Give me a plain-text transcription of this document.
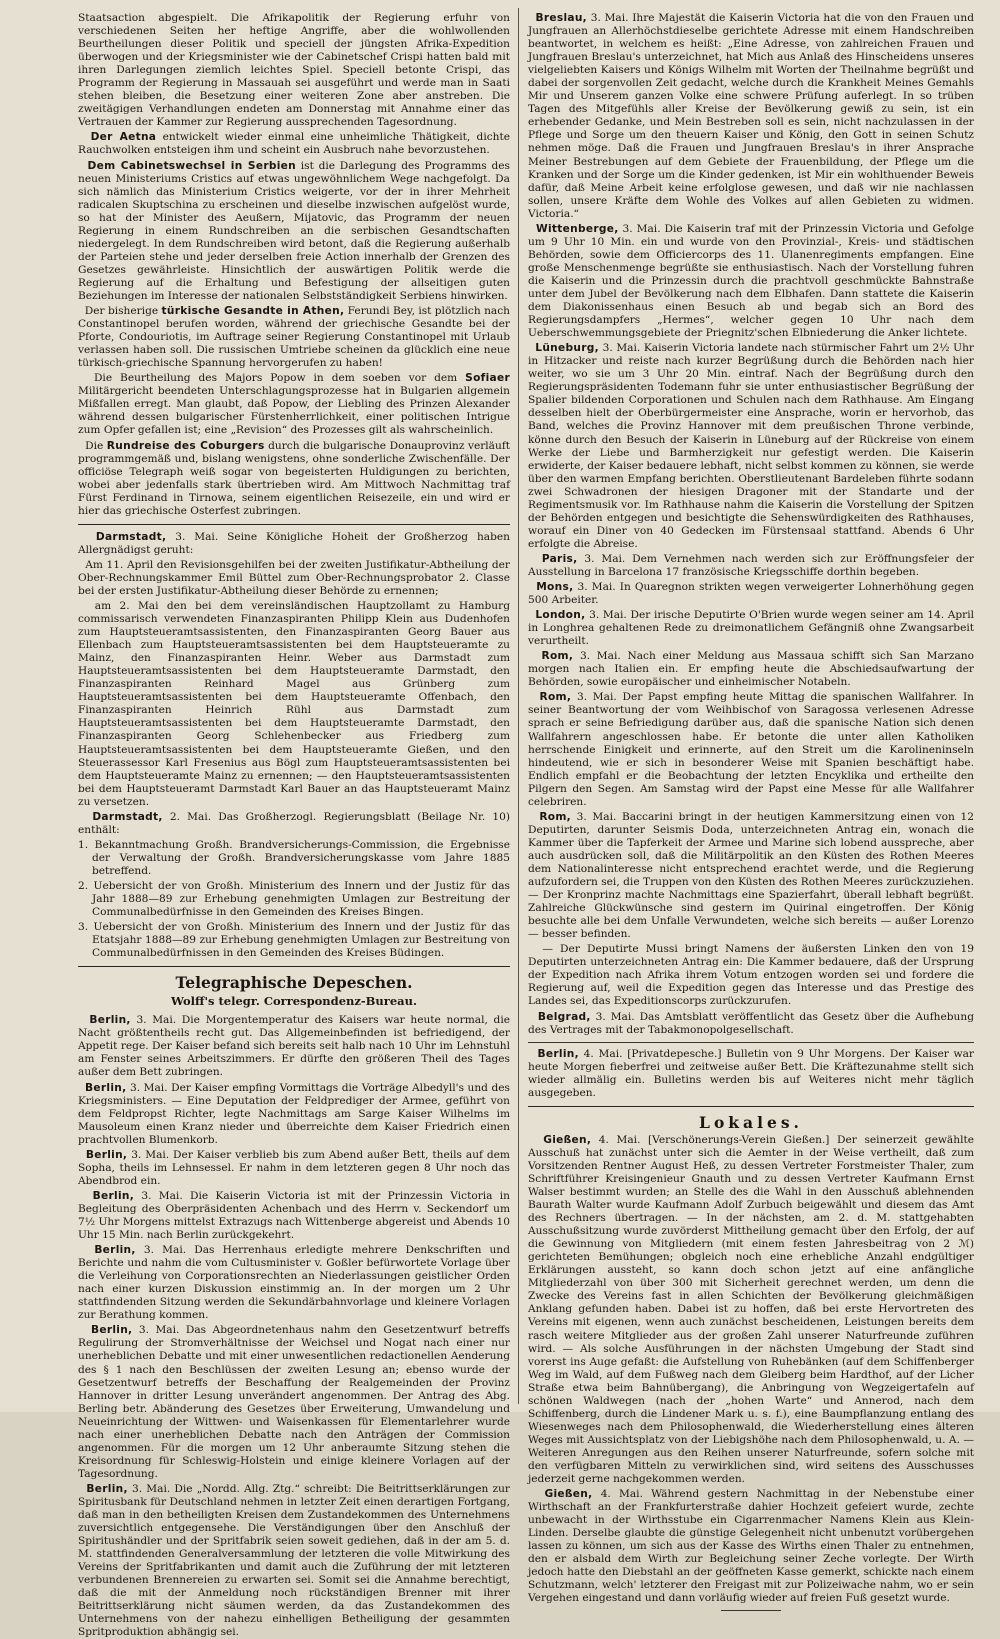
Staatsaction abgespielt. Die Afrikapolitik der Regierung erfuhr von verschiedenen Seiten her heftige Angriffe, aber die wohlwollenden Beurtheilungen dieser Politik und speciell der jüngsten Afrika-Expedition überwogen und der Kriegsminister wie der Cabinetschef Crispi hatten bald mit ihren Darlegungen ziemlich leichtes Spiel. Speciell betonte Crispi, das Programm der Regierung in Massauah sei ausgeführt und werde man in Saati stehen bleiben, die Besetzung einer weiteren Zone aber anstreben. Die zweitägigen Verhandlungen endeten am Donnerstag mit Annahme einer das Vertrauen der Kammer zur Regierung aussprechenden Tagesordnung.

Der Aetna entwickelt wieder einmal eine unheimliche Thätigkeit, dichte Rauchwolken entsteigen ihm und scheint ein Ausbruch nahe bevorzustehen.

Dem Cabinetswechsel in Serbien ist die Darlegung des Programms des neuen Ministeriums Cristics auf etwas ungewöhnlichem Wege nachgefolgt. Da sich nämlich das Ministerium Cristics weigerte, vor der in ihrer Mehrheit radicalen Skuptschina zu erscheinen und dieselbe inzwischen aufgelöst wurde, so hat der Minister des Aeußern, Mijatovic, das Programm der neuen Regierung in einem Rundschreiben an die serbischen Gesandtschaften niedergelegt. In dem Rundschreiben wird betont, daß die Regierung außerhalb der Parteien stehe und jeder derselben freie Action innerhalb der Grenzen des Gesetzes gewährleiste. Hinsichtlich der auswärtigen Politik werde die Regierung auf die Erhaltung und Befestigung der allseitigen guten Beziehungen im Interesse der nationalen Selbstständigkeit Serbiens hinwirken.

Der bisherige türkische Gesandte in Athen, Ferundi Bey, ist plötzlich nach Constantinopel berufen worden, während der griechische Gesandte bei der Pforte, Condouriotis, im Auftrage seiner Regierung Constantinopel mit Urlaub verlassen haben soll. Die russischen Umtriebe scheinen da glücklich eine neue türkisch-griechische Spannung hervorgerufen zu haben!

Die Beurtheilung des Majors Popow in dem soeben vor dem Sofiaer Militärgericht beendeten Unterschlagungsprozesse hat in Bulgarien allgemein Mißfallen erregt. Man glaubt, daß Popow, der Liebling des Prinzen Alexander während dessen bulgarischer Fürstenherrlichkeit, einer politischen Intrigue zum Opfer gefallen ist; eine „Revision“ des Prozesses gilt als wahrscheinlich.

Die Rundreise des Coburgers durch die bulgarische Donauprovinz verläuft programmgemäß und, bislang wenigstens, ohne sonderliche Zwischenfälle. Der officiöse Telegraph weiß sogar von begeisterten Huldigungen zu berichten, wobei aber jedenfalls stark übertrieben wird. Am Mittwoch Nachmittag traf Fürst Ferdinand in Tirnowa, seinem eigentlichen Reisezeile, ein und wird er hier das griechische Osterfest zubringen.

Darmstadt, 3. Mai. Seine Königliche Hoheit der Großherzog haben Allergnädigst geruht:

Am 11. April den Revisionsgehilfen bei der zweiten Justifikatur-Abtheilung der Ober-Rechnungskammer Emil Büttel zum Ober-Rechnungsprobator 2. Classe bei der ersten Justifikatur-Abtheilung dieser Behörde zu ernennen;

am 2. Mai den bei dem vereinsländischen Hauptzollamt zu Hamburg commissarisch verwendeten Finanzaspiranten Philipp Klein aus Dudenhofen zum Hauptsteueramtsassistenten, den Finanzaspiranten Georg Bauer aus Ellenbach zum Hauptsteueramtsassistenten bei dem Hauptsteueramte zu Mainz, den Finanzaspiranten Heinr. Weber aus Darmstadt zum Hauptsteueramtsassistenten bei dem Hauptsteueramte Darmstadt, den Finanzaspiranten Reinhard Magel aus Grünberg zum Hauptsteueramtsassistenten bei dem Hauptsteueramte Offenbach, den Finanzaspiranten Heinrich Rühl aus Darmstadt zum Hauptsteueramtsassistenten bei dem Hauptsteueramte Darmstadt, den Finanzaspiranten Georg Schlehenbecker aus Friedberg zum Hauptsteueramtsassistenten bei dem Hauptsteueramte Gießen, und den Steuerassessor Karl Fresenius aus Bögl zum Hauptsteueramtsassistenten bei dem Hauptsteueramte Mainz zu ernennen; — den Hauptsteueramtsassistenten bei dem Hauptsteueramt Darmstadt Karl Bauer an das Hauptsteueramt Mainz zu versetzen.

Darmstadt, 2. Mai. Das Großherzogl. Regierungsblatt (Beilage Nr. 10) enthält:

1. Bekanntmachung Großh. Brandversicherungs-Commission, die Ergebnisse der Verwaltung der Großh. Brandversicherungskasse vom Jahre 1885 betreffend.

2. Uebersicht der von Großh. Ministerium des Innern und der Justiz für das Jahr 1888—89 zur Erhebung genehmigten Umlagen zur Bestreitung der Communalbedürfnisse in den Gemeinden des Kreises Bingen.

3. Uebersicht der von Großh. Ministerium des Innern und der Justiz für das Etatsjahr 1888—89 zur Erhebung genehmigten Umlagen zur Bestreitung von Communalbedürfnissen in den Gemeinden des Kreises Büdingen.

Telegraphische Depeschen.
Wolff's telegr. Correspondenz-Bureau.

Berlin, 3. Mai. Die Morgentemperatur des Kaisers war heute normal, die Nacht größtentheils recht gut. Das Allgemeinbefinden ist befriedigend, der Appetit rege. Der Kaiser befand sich bereits seit halb nach 10 Uhr im Lehnstuhl am Fenster seines Arbeitszimmers. Er dürfte den größeren Theil des Tages außer dem Bett zubringen.

Berlin, 3. Mai. Der Kaiser empfing Vormittags die Vorträge Albedyll's und des Kriegsministers. — Eine Deputation der Feldprediger der Armee, geführt von dem Feldpropst Richter, legte Nachmittags am Sarge Kaiser Wilhelms im Mausoleum einen Kranz nieder und überreichte dem Kaiser Friedrich einen prachtvollen Blumenkorb.

Berlin, 3. Mai. Der Kaiser verblieb bis zum Abend außer Bett, theils auf dem Sopha, theils im Lehnsessel. Er nahm in dem letzteren gegen 8 Uhr noch das Abendbrod ein.

Berlin, 3. Mai. Die Kaiserin Victoria ist mit der Prinzessin Victoria in Begleitung des Oberpräsidenten Achenbach und des Herrn v. Seckendorf um 7½ Uhr Morgens mittelst Extrazugs nach Wittenberge abgereist und Abends 10 Uhr 15 Min. nach Berlin zurückgekehrt.

Berlin, 3. Mai. Das Herrenhaus erledigte mehrere Denkschriften und Berichte und nahm die vom Cultusminister v. Goßler befürwortete Vorlage über die Verleihung von Corporationsrechten an Niederlassungen geistlicher Orden nach einer kurzen Diskussion einstimmig an. In der morgen um 2 Uhr stattfindenden Sitzung werden die Sekundärbahnvorlage und kleinere Vorlagen zur Berathung kommen.

Berlin, 3. Mai. Das Abgeordnetenhaus nahm den Gesetzentwurf betreffs Regulirung der Stromverhältnisse der Weichsel und Nogat nach einer nur unerheblichen Debatte und mit einer unwesentlichen redactionellen Aenderung des § 1 nach den Beschlüssen der zweiten Lesung an; ebenso wurde der Gesetzentwurf betreffs der Beschaffung der Realgemeinden der Provinz Hannover in dritter Lesung unverändert angenommen. Der Antrag des Abg. Berling betr. Abänderung des Gesetzes über Erweiterung, Umwandelung und Neueinrichtung der Wittwen- und Waisenkassen für Elementarlehrer wurde nach einer unerheblichen Debatte nach den Anträgen der Commission angenommen. Für die morgen um 12 Uhr anberaumte Sitzung stehen die Kreisordnung für Schleswig-Holstein und einige kleinere Vorlagen auf der Tagesordnung.

Berlin, 3. Mai. Die „Nordd. Allg. Ztg.“ schreibt: Die Beitrittserklärungen zur Spiritusbank für Deutschland nehmen in letzter Zeit einen derartigen Fortgang, daß man in den betheiligten Kreisen dem Zustandekommen des Unternehmens zuversichtlich entgegensehe. Die Verständigungen über den Anschluß der Spiritushändler und der Spritfabrik seien soweit gediehen, daß in der am 5. d. M. stattfindenden Generalversammlung der letzteren die volle Mitwirkung des Vereins der Spritfabrikanten und damit auch die Zuführung der mit letzteren verbundenen Brennereien zu erwarten sei. Somit sei die Annahme berechtigt, daß die mit der Anmeldung noch rückständigen Brenner mit ihrer Beitrittserklärung nicht säumen werden, da das Zustandekommen des Unternehmens von der nahezu einhelligen Betheiligung der gesammten Spritproduktion abhängig sei.

Breslau, 3. Mai. Ihre Majestät die Kaiserin Victoria hat die von den Frauen und Jungfrauen an Allerhöchstdieselbe gerichtete Adresse mit einem Handschreiben beantwortet, in welchem es heißt: „Eine Adresse, von zahlreichen Frauen und Jungfrauen Breslau's unterzeichnet, hat Mich aus Anlaß des Hinscheidens unseres vielgeliebten Kaisers und Königs Wilhelm mit Worten der Theilnahme begrüßt und dabei der sorgenvollen Zeit gedacht, welche durch die Krankheit Meines Gemahls Mir und Unserem ganzen Volke eine schwere Prüfung auferlegt. In so trüben Tagen des Mitgefühls aller Kreise der Bevölkerung gewiß zu sein, ist ein erhebender Gedanke, und Mein Bestreben soll es sein, nicht nachzulassen in der Pflege und Sorge um den theuern Kaiser und König, den Gott in seinen Schutz nehmen möge. Daß die Frauen und Jungfrauen Breslau's in ihrer Ansprache Meiner Bestrebungen auf dem Gebiete der Frauenbildung, der Pflege um die Kranken und der Sorge um die Kinder gedenken, ist Mir ein wohlthuender Beweis dafür, daß Meine Arbeit keine erfolglose gewesen, und daß wir nie nachlassen sollen, unsere Kräfte dem Wohle des Volkes auf allen Gebieten zu widmen. Victoria.“

Wittenberge, 3. Mai. Die Kaiserin traf mit der Prinzessin Victoria und Gefolge um 9 Uhr 10 Min. ein und wurde von den Provinzial-, Kreis- und städtischen Behörden, sowie dem Officiercorps des 11. Ulanenregiments empfangen. Eine große Menschenmenge begrüßte sie enthusiastisch. Nach der Vorstellung fuhren die Kaiserin und die Prinzessin durch die prachtvoll geschmückte Bahnstraße unter dem Jubel der Bevölkerung nach dem Elbhafen. Dann stattete die Kaiserin dem Diakonissenhaus einen Besuch ab und begab sich an Bord des Regierungsdampfers „Hermes“, welcher gegen 10 Uhr nach dem Ueberschwemmungsgebiete der Priegnitz'schen Elbniederung die Anker lichtete.

Lüneburg, 3. Mai. Kaiserin Victoria landete nach stürmischer Fahrt um 2½ Uhr in Hitzacker und reiste nach kurzer Begrüßung durch die Behörden nach hier weiter, wo sie um 3 Uhr 20 Min. eintraf. Nach der Begrüßung durch den Regierungspräsidenten Todemann fuhr sie unter enthusiastischer Begrüßung der Spalier bildenden Corporationen und Schulen nach dem Rathhause. Am Eingang desselben hielt der Oberbürgermeister eine Ansprache, worin er hervorhob, das Band, welches die Provinz Hannover mit dem preußischen Throne verbinde, könne durch den Besuch der Kaiserin in Lüneburg auf der Rückreise von einem Werke der Liebe und Barmherzigkeit nur gefestigt werden. Die Kaiserin erwiderte, der Kaiser bedauere lebhaft, nicht selbst kommen zu können, sie werde über den warmen Empfang berichten. Oberstlieutenant Bardeleben führte sodann zwei Schwadronen der hiesigen Dragoner mit der Standarte und der Regimentsmusik vor. Im Rathhause nahm die Kaiserin die Vorstellung der Spitzen der Behörden entgegen und besichtigte die Sehenswürdigkeiten des Rathhauses, worauf ein Diner von 40 Gedecken im Fürstensaal stattfand. Abends 6 Uhr erfolgte die Abreise.

Paris, 3. Mai. Dem Vernehmen nach werden sich zur Eröffnungsfeier der Ausstellung in Barcelona 17 französische Kriegsschiffe dorthin begeben.

Mons, 3. Mai. In Quaregnon strikten wegen verweigerter Lohnerhöhung gegen 500 Arbeiter.

London, 3. Mai. Der irische Deputirte O'Brien wurde wegen seiner am 14. April in Longhrea gehaltenen Rede zu dreimonatlichem Gefängniß ohne Zwangsarbeit verurtheilt.

Rom, 3. Mai. Nach einer Meldung aus Massaua schifft sich San Marzano morgen nach Italien ein. Er empfing heute die Abschiedsaufwartung der Behörden, sowie europäischer und einheimischer Notabeln.

Rom, 3. Mai. Der Papst empfing heute Mittag die spanischen Wallfahrer. In seiner Beantwortung der vom Weihbischof von Saragossa verlesenen Adresse sprach er seine Befriedigung darüber aus, daß die spanische Nation sich denen Wallfahrern angeschlossen habe. Er betonte die unter allen Katholiken herrschende Einigkeit und erinnerte, auf den Streit um die Karolineninseln hindeutend, wie er sich in besonderer Weise mit Spanien beschäftigt habe. Endlich empfahl er die Beobachtung der letzten Encyklika und ertheilte den Pilgern den Segen. Am Samstag wird der Papst eine Messe für alle Wallfahrer celebriren.

Rom, 3. Mai. Baccarini bringt in der heutigen Kammersitzung einen von 12 Deputirten, darunter Seismis Doda, unterzeichneten Antrag ein, wonach die Kammer über die Tapferkeit der Armee und Marine sich lobend ausspreche, aber auch ausdrücken soll, daß die Militärpolitik an den Küsten des Rothen Meeres dem Nationalinteresse nicht entsprechend erachtet werde, und die Regierung aufzufordern sei, die Truppen von den Küsten des Rothen Meeres zurückzuziehen. — Der Kronprinz machte Nachmittags eine Spazierfahrt, überall lebhaft begrüßt. Zahlreiche Glückwünsche sind gestern im Quirinal eingetroffen. Der König besuchte alle bei dem Unfalle Verwundeten, welche sich bereits — außer Lorenzo — besser befinden.

— Der Deputirte Mussi bringt Namens der äußersten Linken den von 19 Deputirten unterzeichneten Antrag ein: Die Kammer bedauere, daß der Ursprung der Expedition nach Afrika ihrem Votum entzogen worden sei und fordere die Regierung auf, weil die Expedition gegen das Interesse und das Prestige des Landes sei, das Expeditionscorps zurückzurufen.

Belgrad, 3. Mai. Das Amtsblatt veröffentlicht das Gesetz über die Aufhebung des Vertrages mit der Tabakmonopolgesellschaft.

Berlin, 4. Mai. [Privatdepesche.] Bulletin von 9 Uhr Morgens. Der Kaiser war heute Morgen fieberfrei und zeitweise außer Bett. Die Kräftezunahme stellt sich wieder allmälig ein. Bulletins werden bis auf Weiteres nicht mehr täglich ausgegeben.

Lokales.

Gießen, 4. Mai. [Verschönerungs-Verein Gießen.] Der seinerzeit gewählte Ausschuß hat zunächst unter sich die Aemter in der Weise vertheilt, daß zum Vorsitzenden Rentner August Heß, zu dessen Vertreter Forstmeister Thaler, zum Schriftführer Kreisingenieur Gnauth und zu dessen Vertreter Kaufmann Ernst Walser bestimmt wurden; an Stelle des die Wahl in den Ausschuß ablehnenden Baurath Walter wurde Kaufmann Adolf Zurbuch beigewählt und diesem das Amt des Rechners übertragen. — In der nächsten, am 2. d. M. stattgehabten Ausschußsitzung wurde zuvörderst Mittheilung gemacht über den Erfolg, der auf die Gewinnung von Mitgliedern (mit einem festen Jahresbeitrag von 2 ℳ) gerichteten Bemühungen; obgleich noch eine erhebliche Anzahl endgültiger Erklärungen aussteht, so kann doch schon jetzt auf eine anfängliche Mitgliederzahl von über 300 mit Sicherheit gerechnet werden, um denn die Zwecke des Vereins fast in allen Schichten der Bevölkerung gleichmäßigen Anklang gefunden haben. Dabei ist zu hoffen, daß bei erste Hervortreten des Vereins mit eigenen, wenn auch zunächst bescheidenen, Leistungen bereits dem rasch weitere Mitglieder aus der großen Zahl unserer Naturfreunde zuführen wird. — Als solche Ausführungen in der nächsten Umgebung der Stadt sind vorerst ins Auge gefaßt: die Aufstellung von Ruhebänken (auf dem Schiffenberger Weg im Wald, auf dem Fußweg nach dem Gleiberg beim Hardthof, auf der Licher Straße etwa beim Bahnübergang), die Anbringung von Wegzeigertafeln auf schönen Waldwegen (nach der „hohen Warte“ und Annerod, nach dem Schiffenberg, durch die Lindener Mark u. s. f.), eine Baumpflanzung entlang des Wiesenweges nach dem Philosophenwald, die Wiederherstellung eines älteren Weges mit Aussichtsplatz von der Liebigshöhe nach dem Philosophenwald, u. A. — Weiteren Anregungen aus den Reihen unserer Naturfreunde, sofern solche mit den verfügbaren Mitteln zu verwirklichen sind, wird seitens des Ausschusses jederzeit gerne nachgekommen werden.

Gießen, 4. Mai. Während gestern Nachmittag in der Nebenstube einer Wirthschaft an der Frankfurterstraße dahier Hochzeit gefeiert wurde, zechte unbewacht in der Wirthsstube ein Cigarrenmacher Namens Klein aus Klein-Linden. Derselbe glaubte die günstige Gelegenheit nicht unbenutzt vorübergehen lassen zu können, um sich aus der Kasse des Wirths einen Thaler zu entnehmen, den er alsbald dem Wirth zur Begleichung seiner Zeche vorlegte. Der Wirth jedoch hatte den Diebstahl an der geöffneten Kasse gemerkt, schickte nach einem Schutzmann, welch' letzterer den Freigast mit zur Polizeiwache nahm, wo er sein Vergehen eingestand und dann vorläufig wieder auf freien Fuß gesetzt wurde.
